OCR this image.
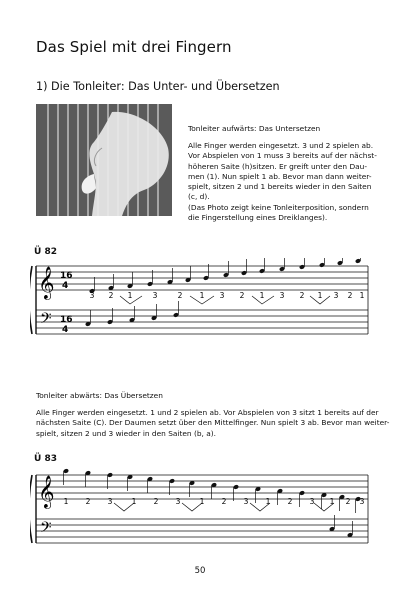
Das Spiel mit drei Fingern
1) Die Tonleiter: Das Unter- und Übersetzen
Tonleiter aufwärts: Das Untersetzen
Alle Finger werden eingesetzt. 3 und 2 spielen ab.
Vor Abspielen von 1 muss 3 bereits auf der nächst-
höheren Saite (h)sitzen. Er greift unter den Dau-
men (1). Nun spielt 1 ab. Bevor man dann weiter-
spielt, sitzen 2 und 1 bereits wieder in den Saiten
(c, d).
(Das Photo zeigt keine Tonleiterposition, sondern
die Fingerstellung eines Dreiklanges).
Ü 82
𝄞
𝄢
16
4
16
4
3 2 1	3	2 1 3 2 1 3 2 1 3 2 1
Tonleiter abwärts: Das Übersetzen
Alle Finger werden eingesetzt. 1 und 2 spielen ab. Vor Abspielen von 3 sitzt 1 bereits auf der
nächsten Saite (C). Der Daumen setzt über den Mittelfinger. Nun spielt 3 ab. Bevor man weiter-
spielt, sitzen 2 und 3 wieder in den Saiten (b, a).
Ü 83
𝄞
𝄢
1 2 3	1 2 3	1 2 3 1 2 3 1 2 3
50
